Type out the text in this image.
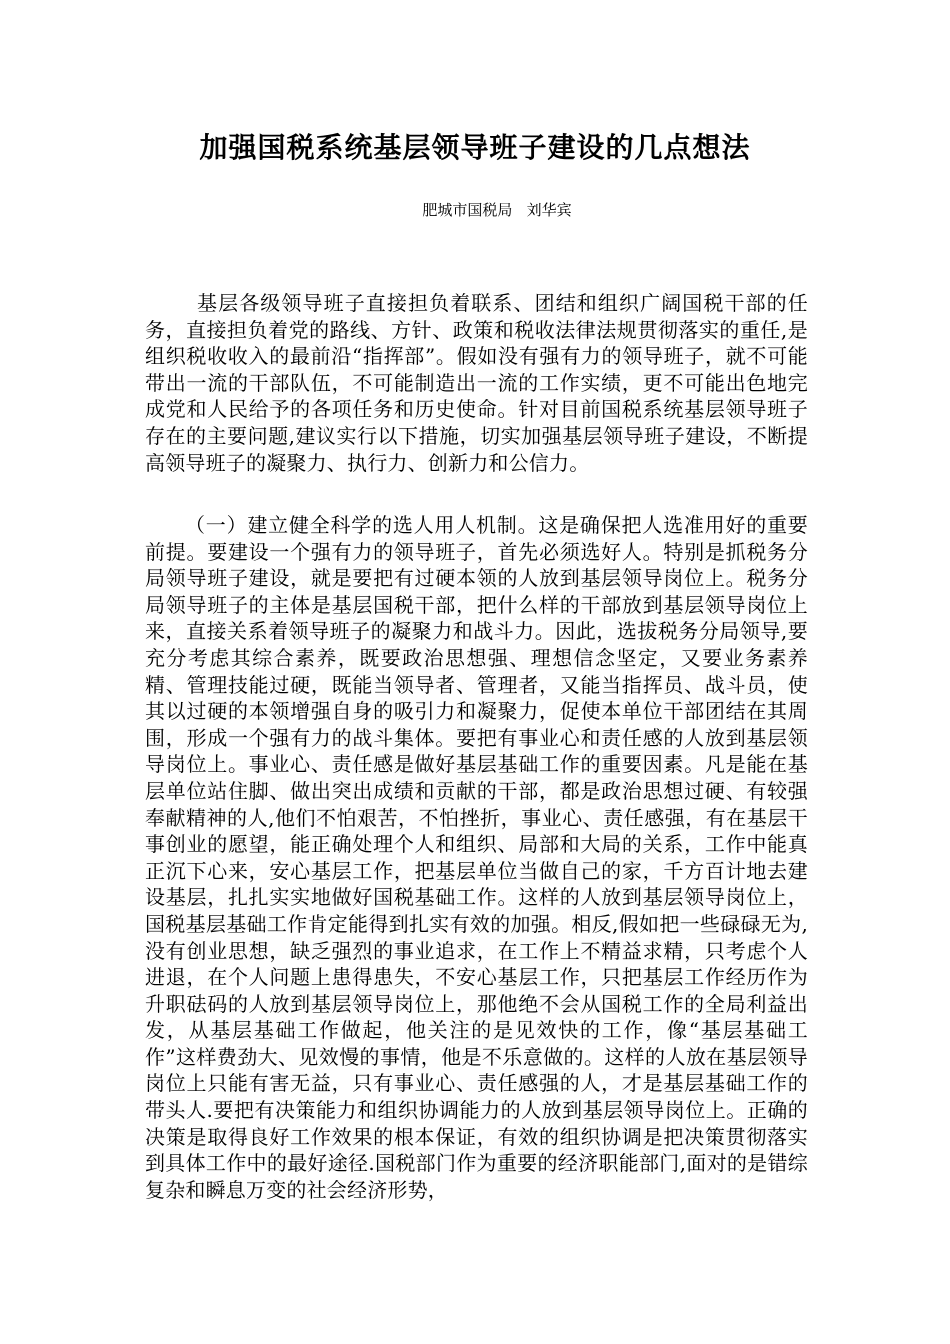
加强国税系统基层领导班子建设的几点想法

肥城市国税局   刘华宾

基层各级领导班子直接担负着联系、团结和组织广阔国税干部的任务，直接担负着党的路线、方针、政策和税收法律法规贯彻落实的重任,是组织税收收入的最前沿“指挥部”。假如没有强有力的领导班子，就不可能带出一流的干部队伍，不可能制造出一流的工作实绩，更不可能出色地完成党和人民给予的各项任务和历史使命。针对目前国税系统基层领导班子存在的主要问题,建议实行以下措施，切实加强基层领导班子建设，不断提高领导班子的凝聚力、执行力、创新力和公信力。

（一）建立健全科学的选人用人机制。这是确保把人选准用好的重要前提。要建设一个强有力的领导班子，首先必须选好人。特别是抓税务分局领导班子建设，就是要把有过硬本领的人放到基层领导岗位上。税务分局领导班子的主体是基层国税干部，把什么样的干部放到基层领导岗位上来，直接关系着领导班子的凝聚力和战斗力。因此，选拔税务分局领导,要充分考虑其综合素养，既要政治思想强、理想信念坚定，又要业务素养精、管理技能过硬，既能当领导者、管理者，又能当指挥员、战斗员，使其以过硬的本领增强自身的吸引力和凝聚力，促使本单位干部团结在其周围，形成一个强有力的战斗集体。要把有事业心和责任感的人放到基层领导岗位上。事业心、责任感是做好基层基础工作的重要因素。凡是能在基层单位站住脚、做出突出成绩和贡献的干部，都是政治思想过硬、有较强奉献精神的人,他们不怕艰苦，不怕挫折，事业心、责任感强，有在基层干事创业的愿望，能正确处理个人和组织、局部和大局的关系，工作中能真正沉下心来，安心基层工作，把基层单位当做自己的家，千方百计地去建设基层，扎扎实实地做好国税基础工作。这样的人放到基层领导岗位上，国税基层基础工作肯定能得到扎实有效的加强。相反,假如把一些碌碌无为,没有创业思想，缺乏强烈的事业追求，在工作上不精益求精，只考虑个人进退，在个人问题上患得患失，不安心基层工作，只把基层工作经历作为升职砝码的人放到基层领导岗位上，那他绝不会从国税工作的全局利益出发，从基层基础工作做起，他关注的是见效快的工作，像“基层基础工作”这样费劲大、见效慢的事情，他是不乐意做的。这样的人放在基层领导岗位上只能有害无益，只有事业心、责任感强的人，才是基层基础工作的带头人.要把有决策能力和组织协调能力的人放到基层领导岗位上。正确的决策是取得良好工作效果的根本保证，有效的组织协调是把决策贯彻落实到具体工作中的最好途径.国税部门作为重要的经济职能部门,面对的是错综复杂和瞬息万变的社会经济形势，
